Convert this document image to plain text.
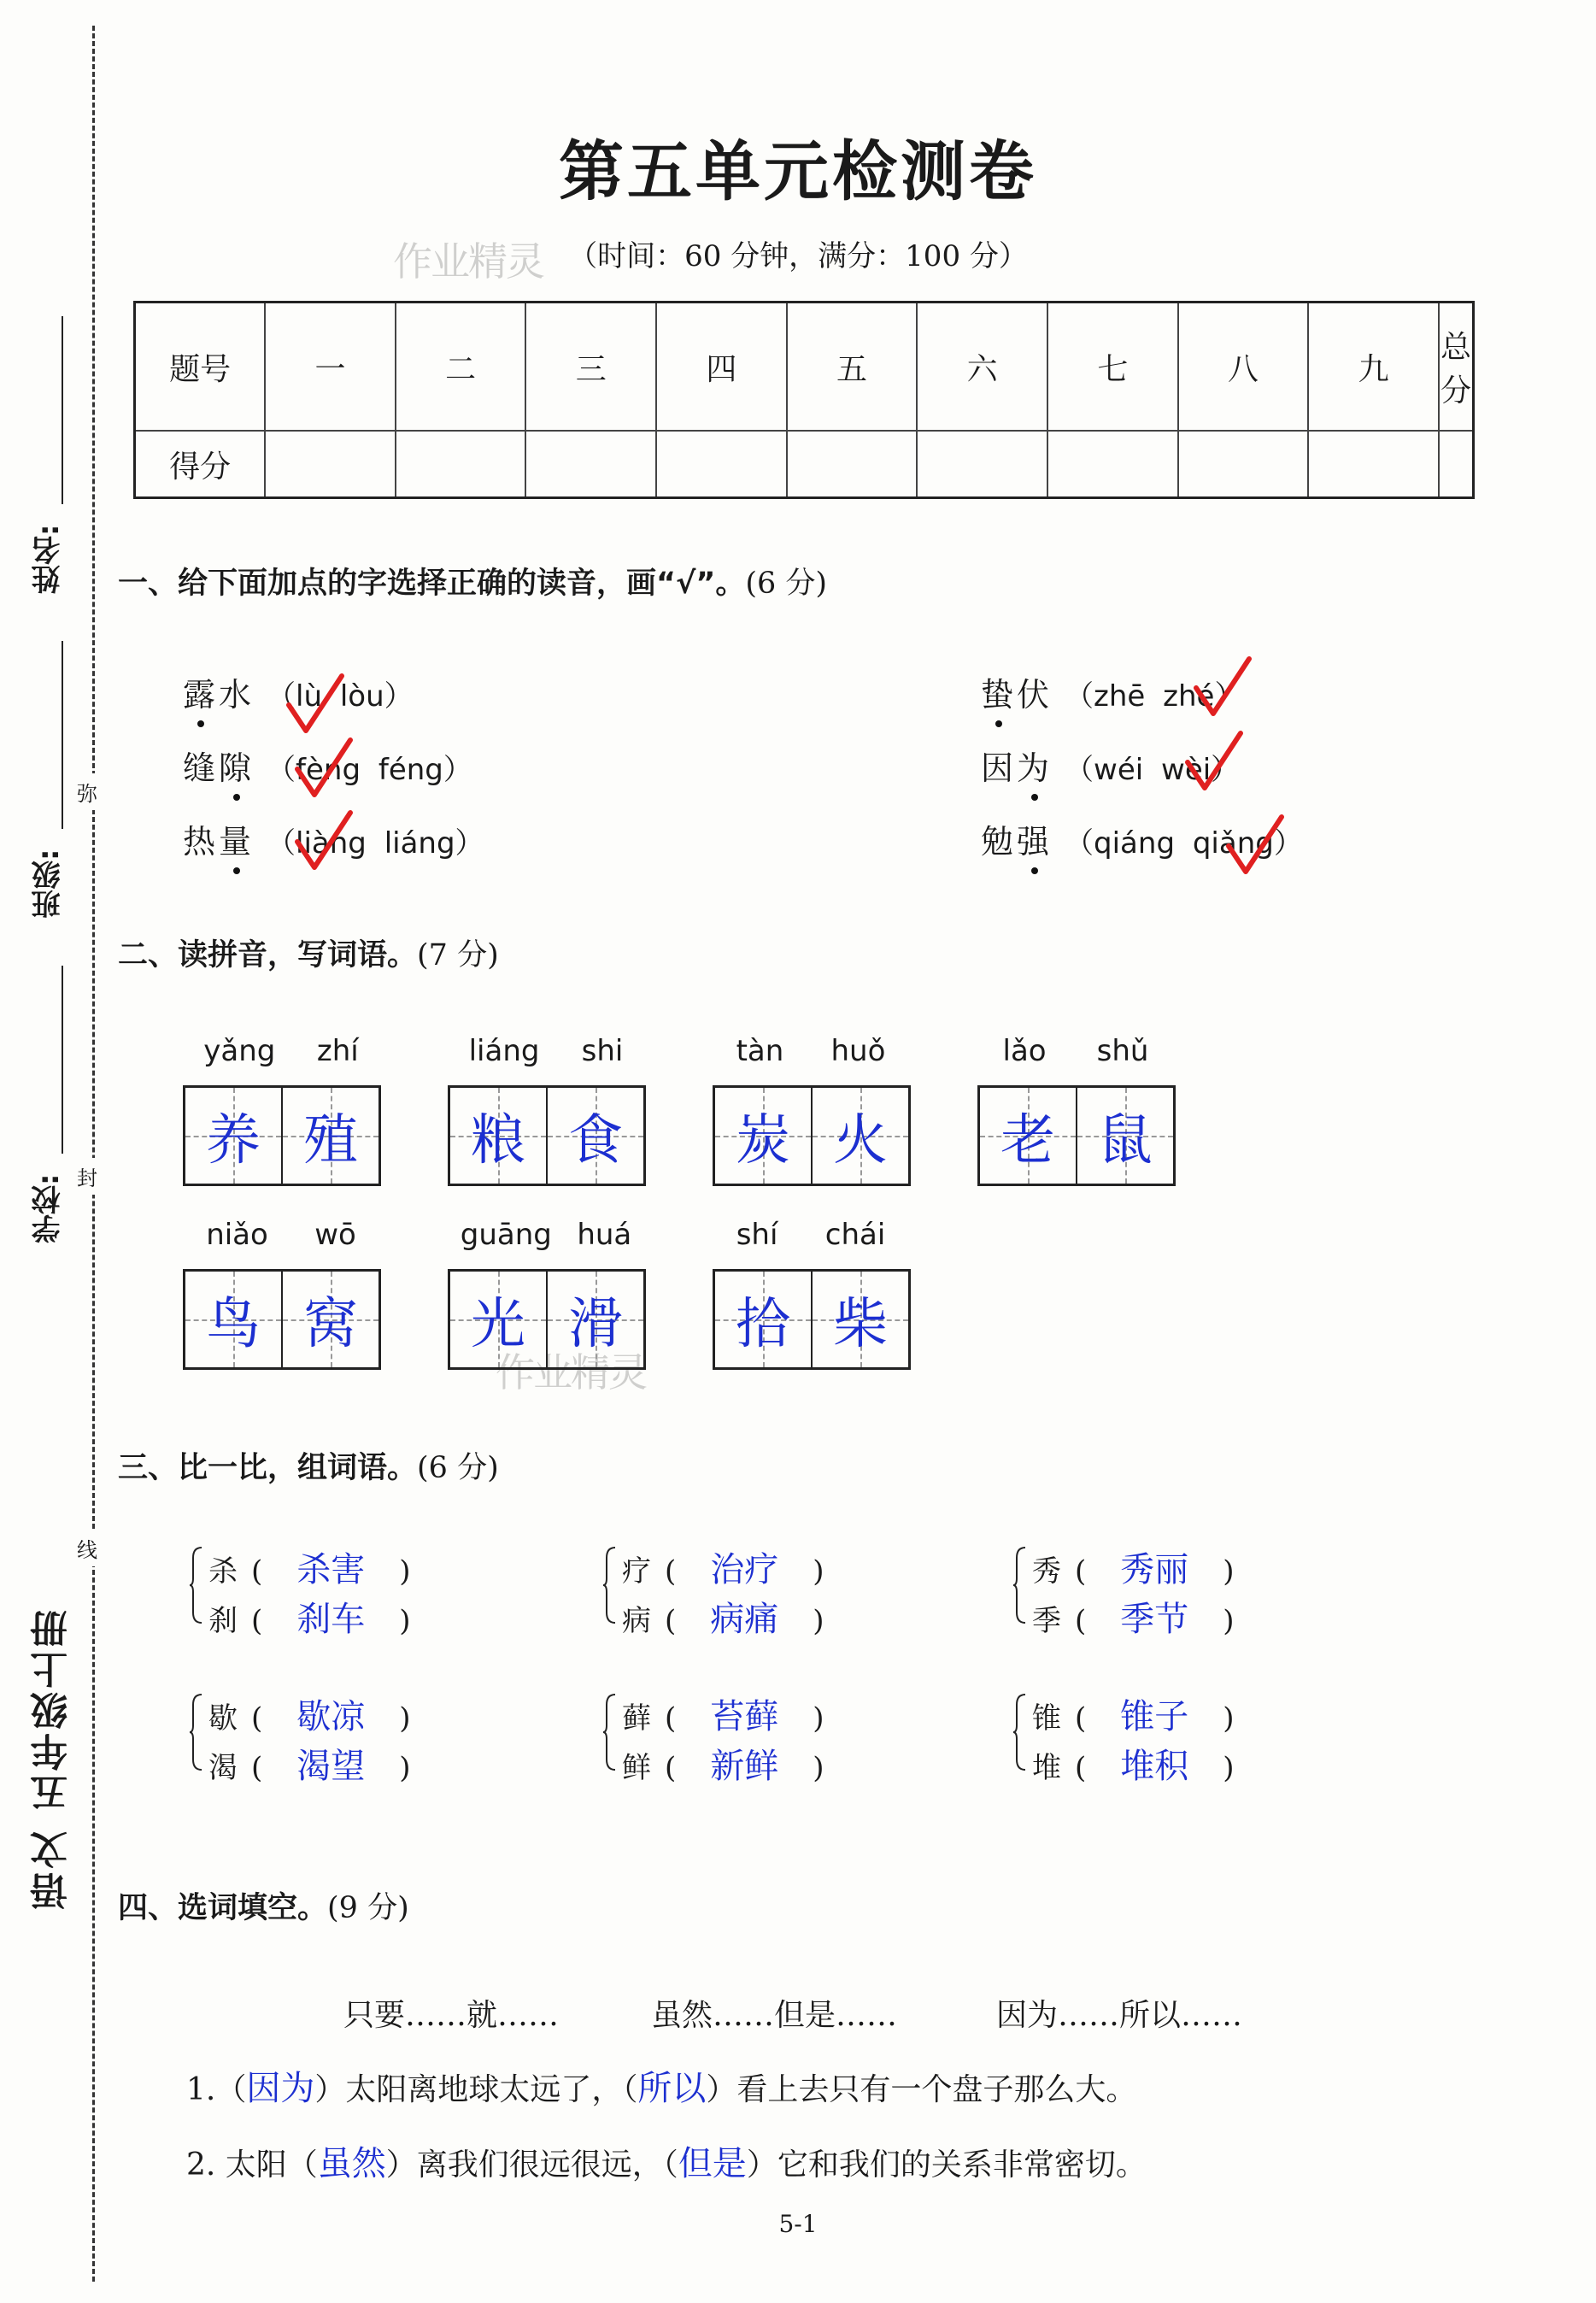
姓名:
班级:
学校:
弥
封
线
语文 五年级上册
作业精灵
作业精灵
第五单元检测卷
（时间：60 分钟，满分：100 分）
题号	一	二	三	四	五	六	七	八	九	总分
得分										
一、给下面加点的字选择正确的读音，画“√”。(6 分)
露水 （lù lòu）
缝隙 （fèng féng）
热量 （liàng liáng）
蛰伏 （zhē zhé）
因为 （wéi wèi）
勉强 （qiáng qiǎng）
二、读拼音，写词语。(7 分)
yǎng zhí
养 殖
liáng shi
粮 食
tàn huǒ
炭 火
lǎo shǔ
老 鼠
niǎo wō
鸟 窝
guāng huá
光 滑
shí chái
拾 柴
三、比一比，组词语。(6 分)
杀 (	杀害	)
刹 (	刹车	)
疗 (	治疗	)
病 (	病痛	)
秀 (	秀丽	)
季 (	季节	)
歇 (	歇凉	)
渴 (	渴望	)
藓 (	苔藓	)
鲜 (	新鲜	)
锥 (	锥子	)
堆 (	堆积	)
四、选词填空。(9 分)
只要……就……	虽然……但是……	因为……所以……
1.（因为）太阳离地球太远了，（所以）看上去只有一个盘子那么大。
2. 太阳（虽然）离我们很远很远，（但是）它和我们的关系非常密切。
5-1
